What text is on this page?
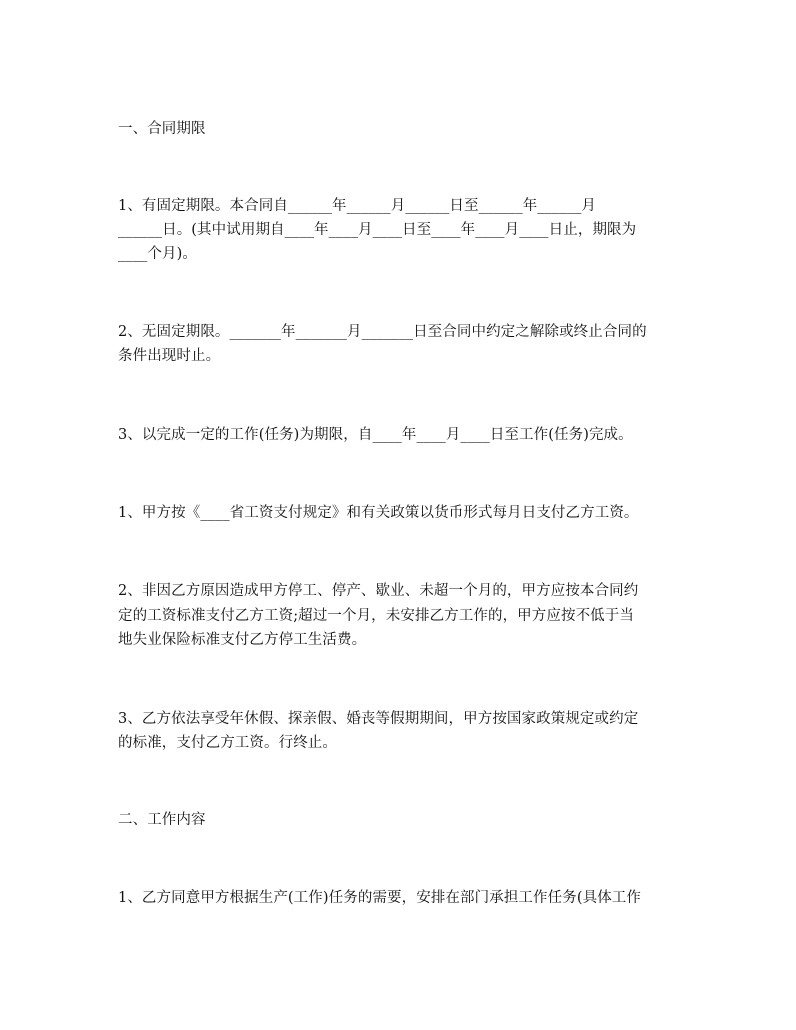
一、合同期限
1、有固定期限。本合同自______年______月______日至______年______月
______日。(其中试用期自____年____月____日至____年____月____日止，期限为
____个月)。
2、无固定期限。_______年_______月_______日至合同中约定之解除或终止合同的
条件出现时止。
3、以完成一定的工作(任务)为期限，自____年____月____日至工作(任务)完成。
1、甲方按《____省工资支付规定》和有关政策以货币形式每月日支付乙方工资。
2、非因乙方原因造成甲方停工、停产、歇业、未超一个月的，甲方应按本合同约
定的工资标准支付乙方工资;超过一个月，未安排乙方工作的，甲方应按不低于当
地失业保险标准支付乙方停工生活费。
3、乙方依法享受年休假、探亲假、婚丧等假期期间，甲方按国家政策规定或约定
的标准，支付乙方工资。行终止。
二、工作内容
1、乙方同意甲方根据生产(工作)任务的需要，安排在部门承担工作任务(具体工作
